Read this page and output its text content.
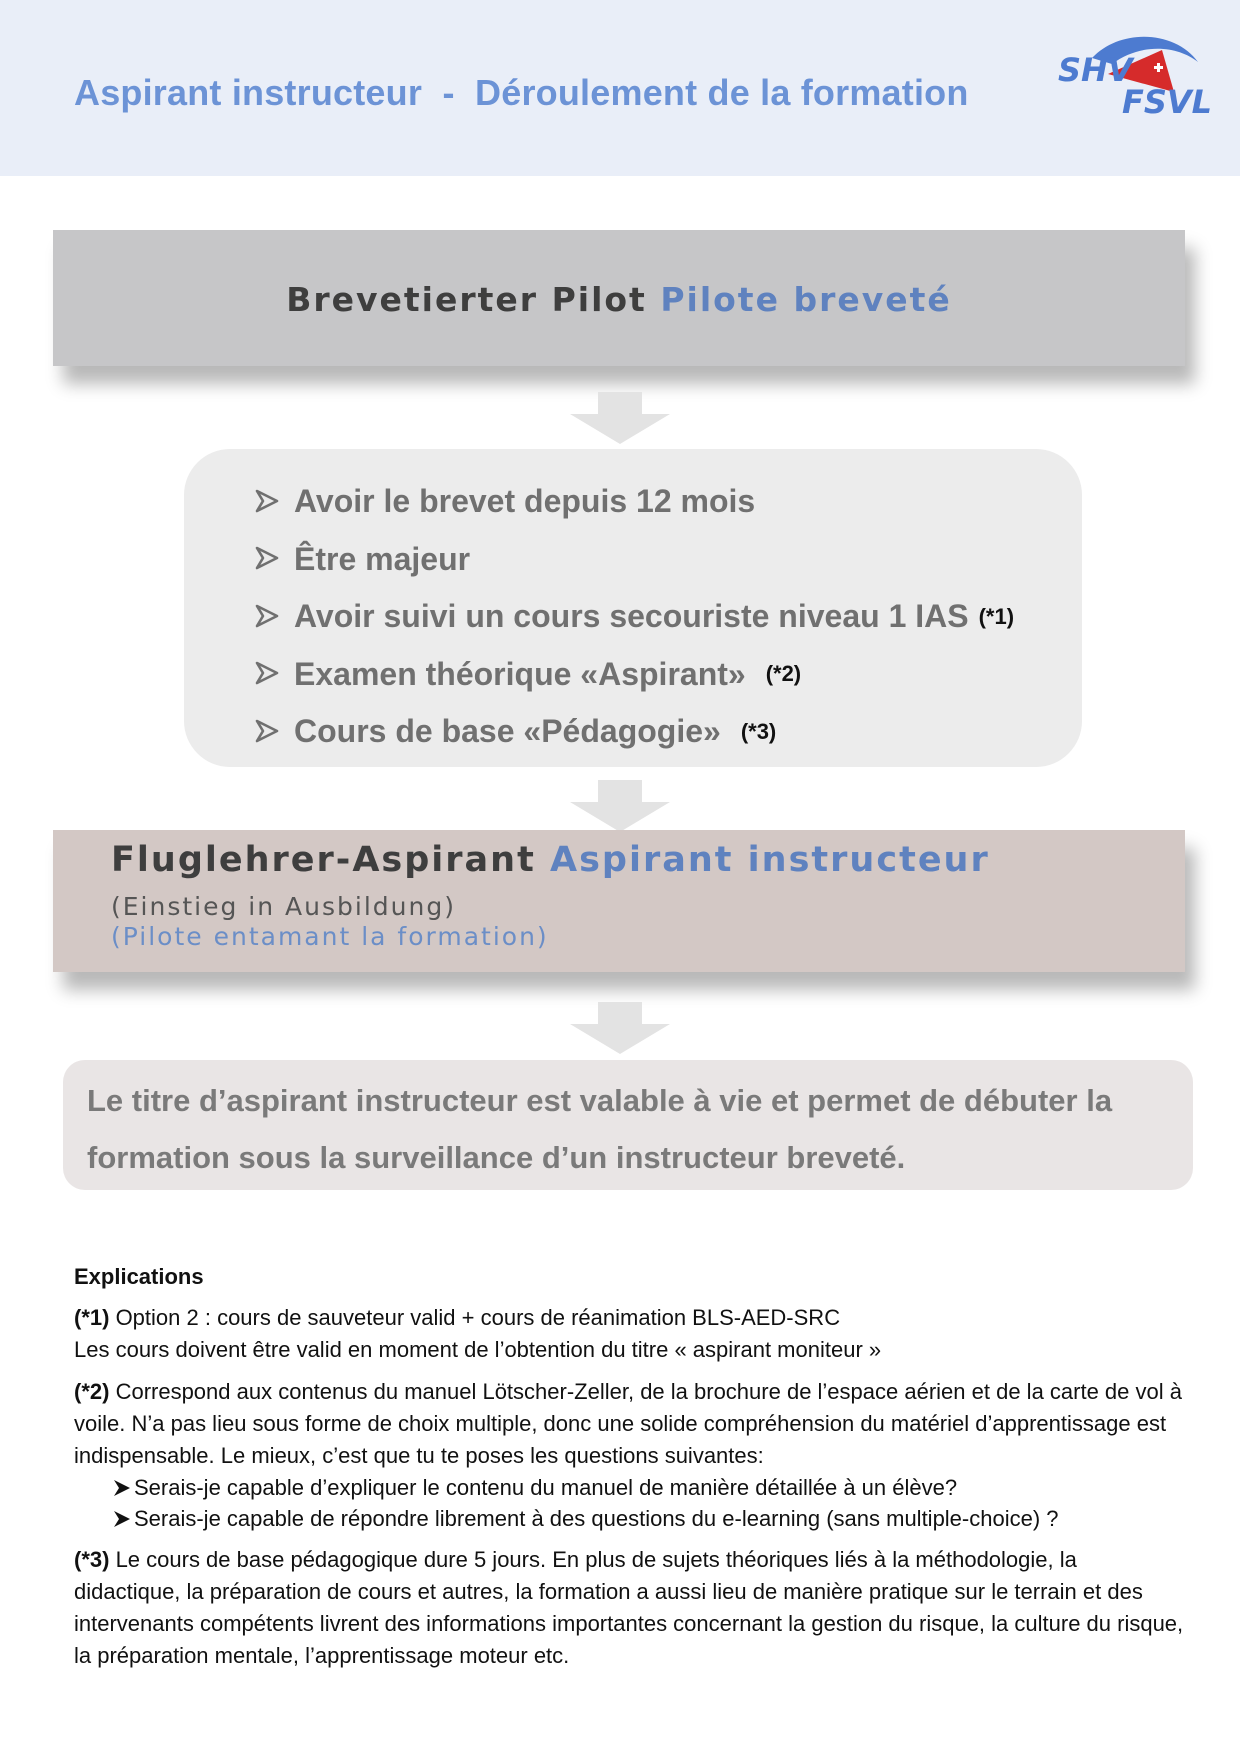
Aspirant instructeur  -  Déroulement de la formation
SHV
FSVL
Brevetierter Pilot Pilote breveté
Avoir le brevet depuis 12 mois
Être majeur
Avoir suivi un cours secouriste niveau 1 IAS (*1)
Examen théorique «Aspirant» (*2)
Cours de base «Pédagogie» (*3)
Fluglehrer-Aspirant Aspirant instructeur
(Einstieg in Ausbildung)
(Pilote entamant la formation)

Le titre d’aspirant instructeur est valable à vie et permet de débuter la formation sous la surveillance d’un instructeur breveté.

Explications

(*1) Option 2 : cours de sauveteur valid + cours de réanimation BLS-AED-SRC
Les cours doivent être valid en moment de l’obtention du titre « aspirant moniteur »

(*2) Correspond aux contenus du manuel Lötscher-Zeller, de la brochure de l’espace aérien et de la carte de vol à voile. N’a pas lieu sous forme de choix multiple, donc une solide compréhension du matériel d’apprentissage est indispensable. Le mieux, c’est que tu te poses les questions suivantes:

Serais-je capable d’expliquer le contenu du manuel de manière détaillée à un élève?
Serais-je capable de répondre librement à des questions du e-learning (sans multiple-choice) ?

(*3) Le cours de base pédagogique dure 5 jours. En plus de sujets théoriques liés à la méthodologie, la didactique, la préparation de cours et autres, la formation a aussi lieu de manière pratique sur le terrain et des intervenants compétents livrent des informations importantes concernant la gestion du risque, la culture du risque, la préparation mentale, l’apprentissage moteur etc.
